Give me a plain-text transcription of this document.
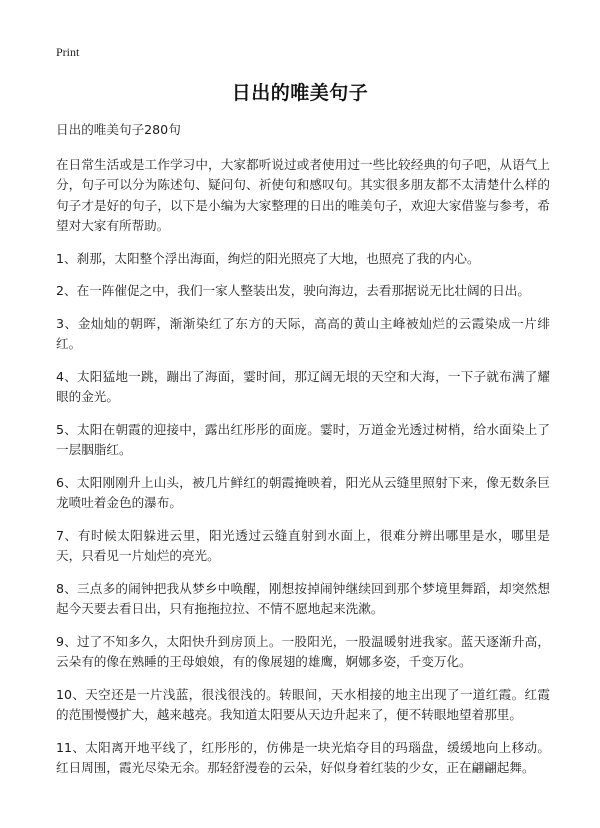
Print
日出的唯美句子

日出的唯美句子280句

在日常生活或是工作学习中，大家都听说过或者使用过一些比较经典的句子吧，从语气上分，句子可以分为陈述句、疑问句、祈使句和感叹句。其实很多朋友都不太清楚什么样的句子才是好的句子，以下是小编为大家整理的日出的唯美句子，欢迎大家借鉴与参考，希望对大家有所帮助。

1、刹那，太阳整个浮出海面，绚烂的阳光照亮了大地，也照亮了我的内心。

2、在一阵催促之中，我们一家人整装出发，驶向海边，去看那据说无比壮阔的日出。

3、金灿灿的朝晖，渐渐染红了东方的天际，高高的黄山主峰被灿烂的云霞染成一片绯红。

4、太阳猛地一跳，蹦出了海面，霎时间，那辽阔无垠的天空和大海，一下子就布满了耀眼的金光。

5、太阳在朝霞的迎接中，露出红彤彤的面庞。霎时，万道金光透过树梢，给水面染上了一层胭脂红。

6、太阳刚刚升上山头，被几片鲜红的朝霞掩映着，阳光从云缝里照射下来，像无数条巨龙喷吐着金色的瀑布。

7、有时候太阳躲进云里，阳光透过云缝直射到水面上，很难分辨出哪里是水，哪里是天，只看见一片灿烂的亮光。

8、三点多的闹钟把我从梦乡中唤醒，刚想按掉闹钟继续回到那个梦境里舞蹈，却突然想起今天要去看日出，只有拖拖拉拉、不情不愿地起来洗漱。

9、过了不知多久，太阳快升到房顶上。一股阳光，一股温暖射进我家。蓝天逐渐升高，云朵有的像在熟睡的王母娘娘，有的像展翅的雄鹰，婀娜多姿，千变万化。

10、天空还是一片浅蓝，很浅很浅的。转眼间，天水相接的地主出现了一道红霞。红霞的范围慢慢扩大，越来越亮。我知道太阳要从天边升起来了，便不转眼地望着那里。

11、太阳离开地平线了，红彤彤的，仿佛是一块光焰夺目的玛瑙盘，缓缓地向上移动。红日周围，霞光尽染无余。那轻舒漫卷的云朵，好似身着红装的少女，正在翩翩起舞。
